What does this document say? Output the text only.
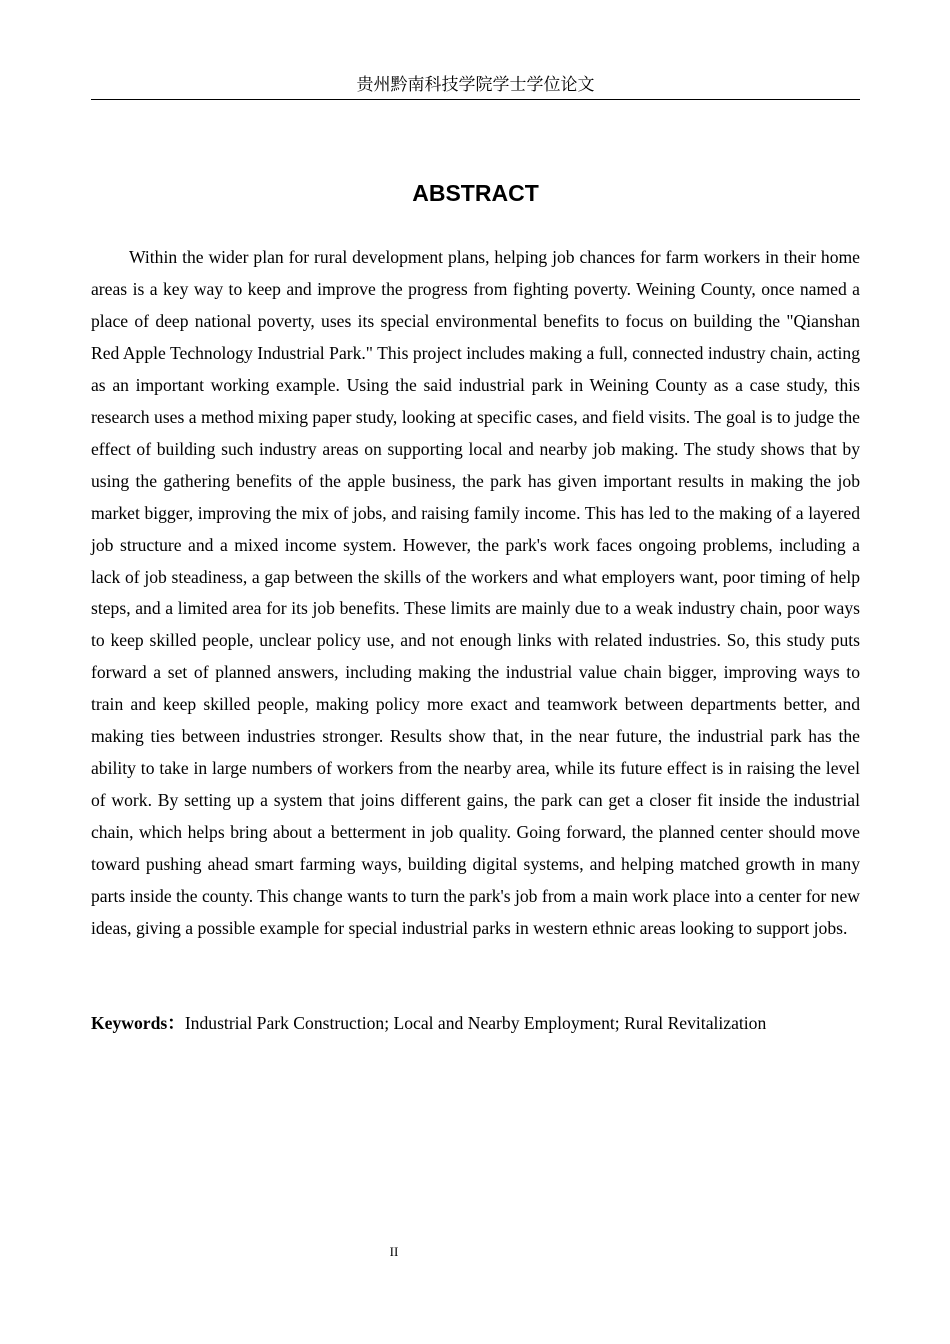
贵州黔南科技学院学士学位论文
ABSTRACT

Within the wider plan for rural development plans, helping job chances for farm workers in their home areas is a key way to keep and improve the progress from fighting poverty. Weining County, once named a place of deep national poverty, uses its special environmental benefits to focus on building the "Qianshan Red Apple Technology Industrial Park." This project includes making a full, connected industry chain, acting as an important working example. Using the said industrial park in Weining County as a case study, this research uses a method mixing paper study, looking at specific cases, and field visits. The goal is to judge the effect of building such industry areas on supporting local and nearby job making. The study shows that by using the gathering benefits of the apple business, the park has given important results in making the job market bigger, improving the mix of jobs, and raising family income. This has led to the making of a layered job structure and a mixed income system. However, the park's work faces ongoing problems, including a lack of job steadiness, a gap between the skills of the workers and what employers want, poor timing of help steps, and a limited area for its job benefits. These limits are mainly due to a weak industry chain, poor ways to keep skilled people, unclear policy use, and not enough links with related industries. So, this study puts forward a set of planned answers, including making the industrial value chain bigger, improving ways to train and keep skilled people, making policy more exact and teamwork between departments better, and making ties between industries stronger. Results show that, in the near future, the industrial park has the ability to take in large numbers of workers from the nearby area, while its future effect is in raising the level of work. By setting up a system that joins different gains, the park can get a closer fit inside the industrial chain, which helps bring about a betterment in job quality. Going forward, the planned center should move toward pushing ahead smart farming ways, building digital systems, and helping matched growth in many parts inside the county. This change wants to turn the park's job from a main work place into a center for new ideas, giving a possible example for special industrial parks in western ethnic areas looking to support jobs.

Keywords：Industrial Park Construction; Local and Nearby Employment; Rural Revitalization

II
